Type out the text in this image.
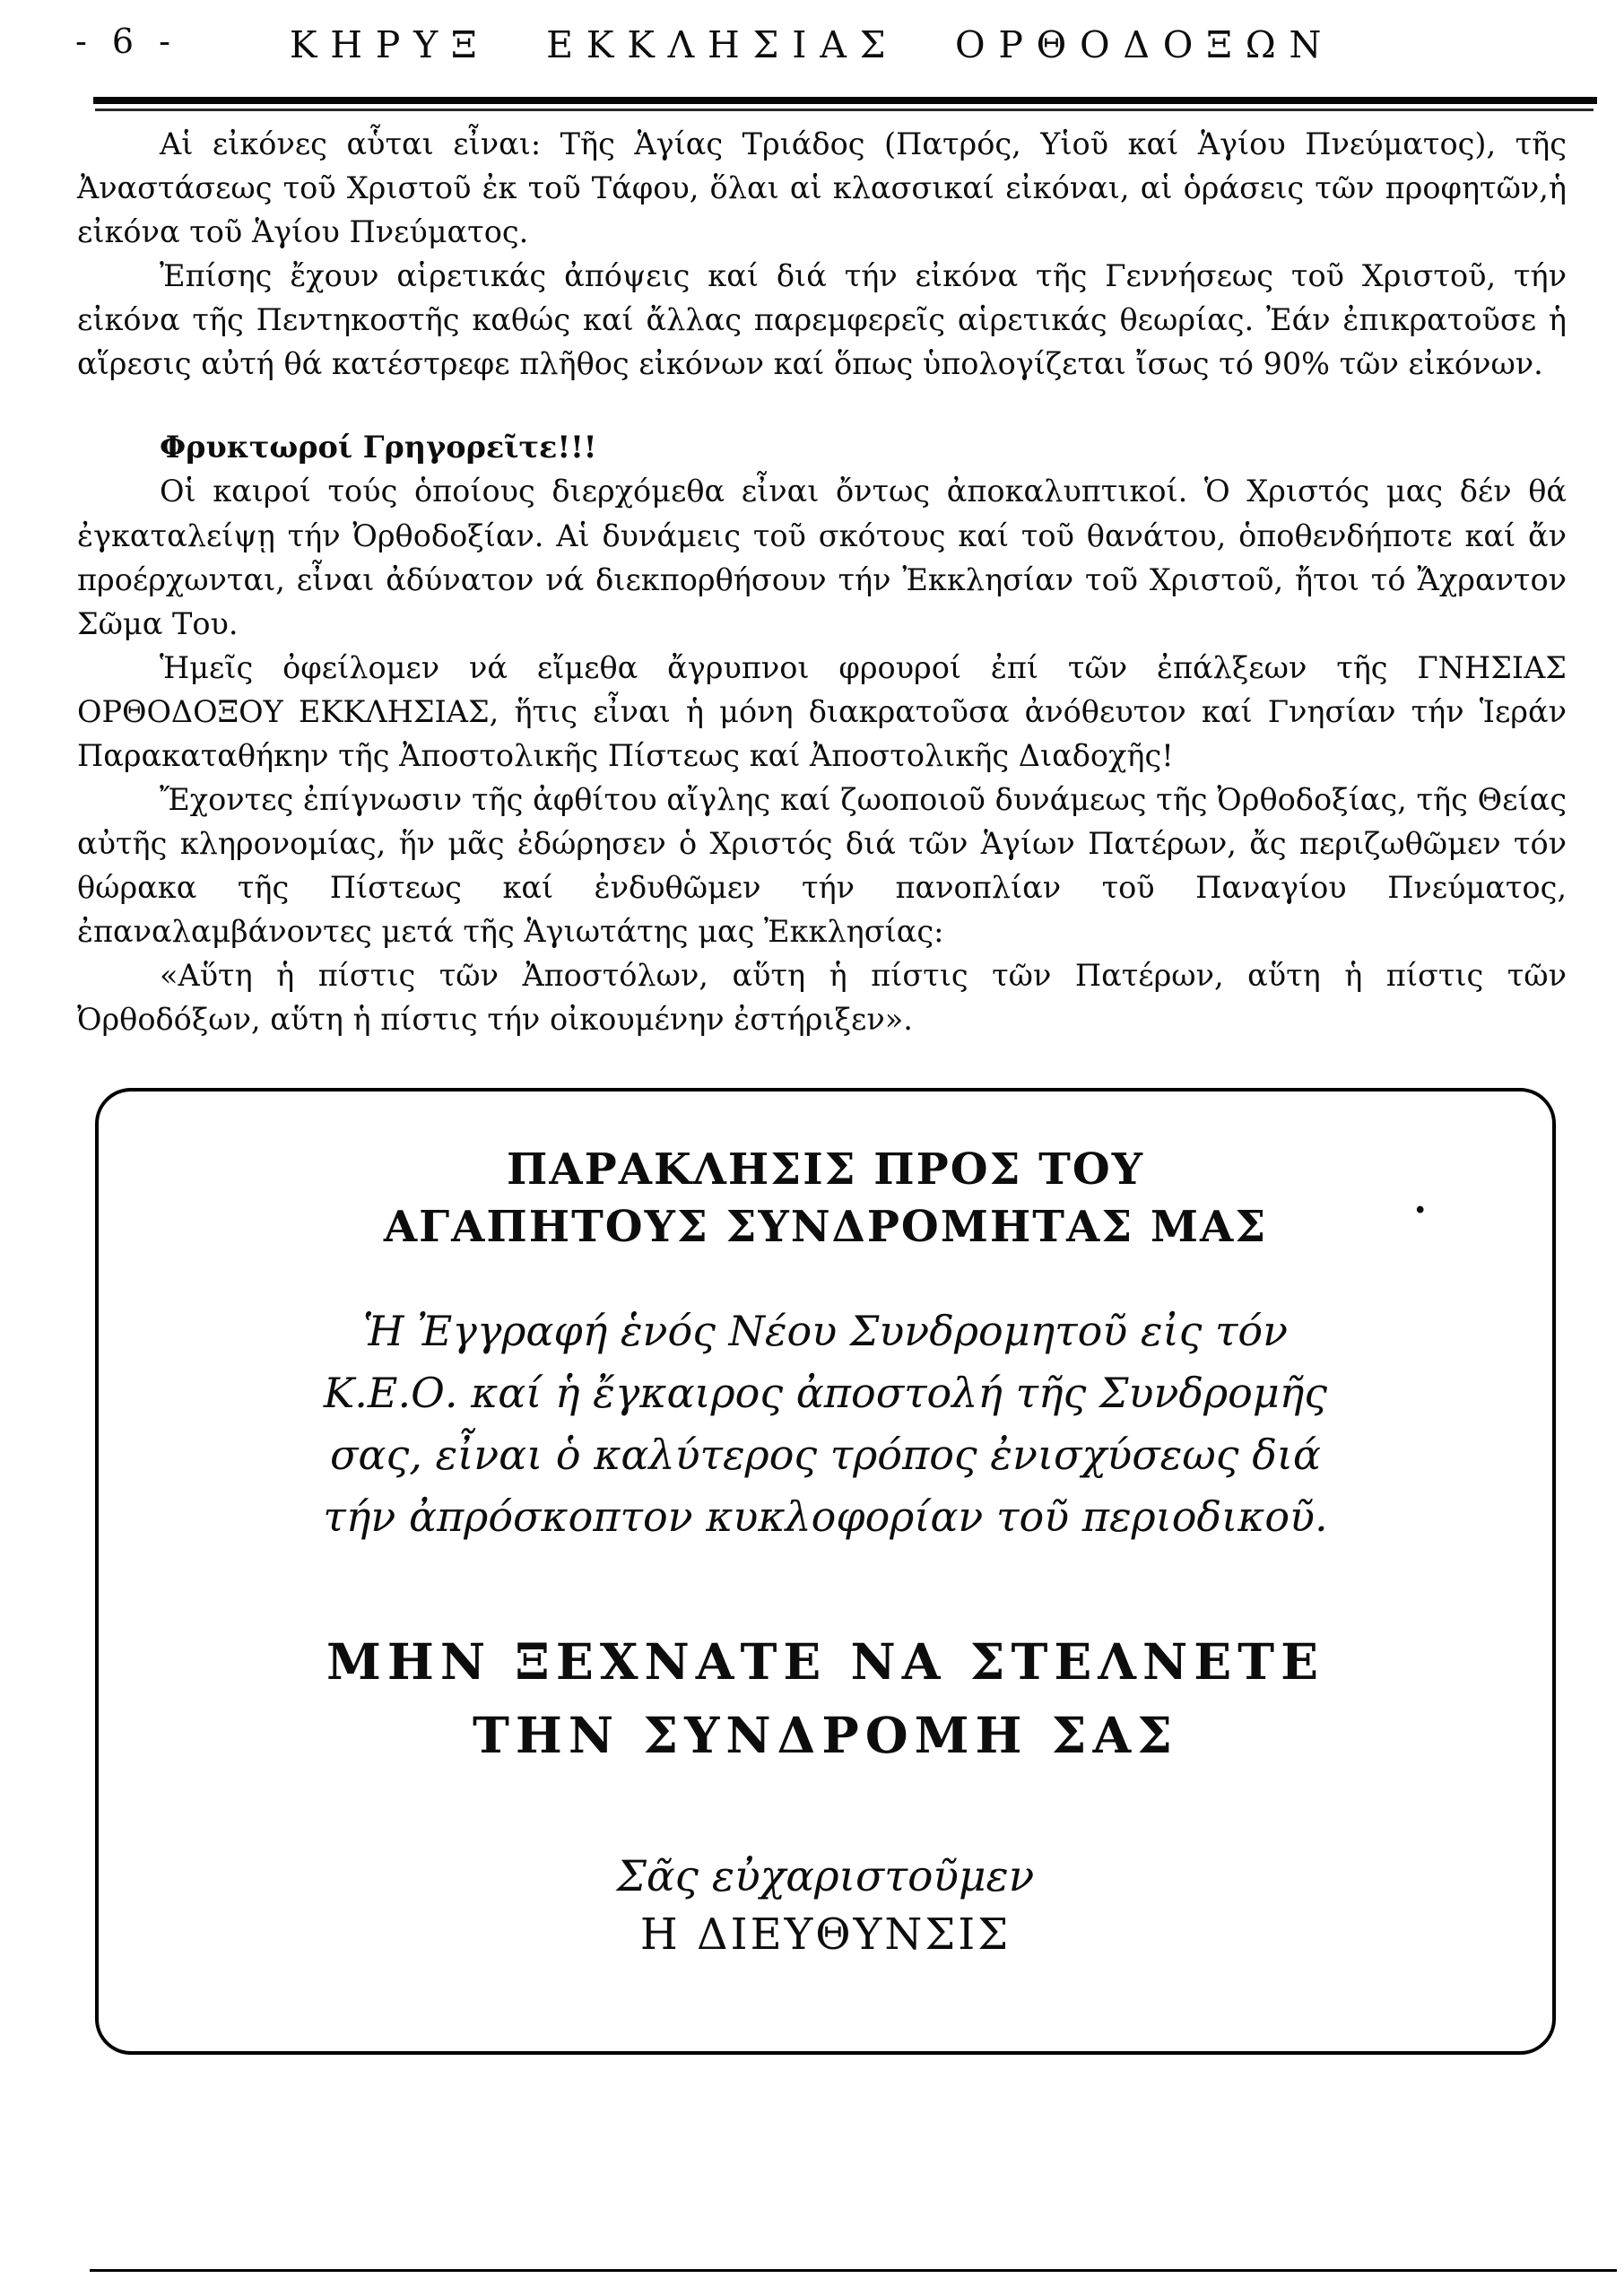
- 6 -	ΚΗΡΥΞ ΕΚΚΛΗΣΙΑΣ ΟΡΘΟΔΟΞΩΝ

Αἱ εἰκόνες αὗται εἶναι: Τῆς Ἁγίας Τριάδος (Πατρός, Υἱοῦ καί Ἁγίου Πνεύματος), τῆς Ἀναστάσεως τοῦ Χριστοῦ ἐκ τοῦ Τάφου, ὅλαι αἱ κλασσικαί εἰκόναι, αἱ ὁράσεις τῶν προφητῶν,ἡ εἰκόνα τοῦ Ἁγίου Πνεύματος.

Ἐπίσης ἔχουν αἱρετικάς ἀπόψεις καί διά τήν εἰκόνα τῆς Γεννήσεως τοῦ Χριστοῦ, τήν εἰκόνα τῆς Πεντηκοστῆς καθώς καί ἄλλας παρεμφερεῖς αἱρετικάς θεωρίας. Ἐάν ἐπικρατοῦσε ἡ αἵρεσις αὐτή θά κατέστρεφε πλῆθος εἰκόνων καί ὅπως ὑπολογίζεται ἴσως τό 90% τῶν εἰκόνων.

Φρυκτωροί Γρηγορεῖτε!!!

Οἱ καιροί τούς ὁποίους διερχόμεθα εἶναι ὄντως ἀποκαλυπτικοί. Ὁ Χριστός μας δέν θά ἐγκαταλείψῃ τήν Ὀρθοδοξίαν. Αἱ δυνάμεις τοῦ σκότους καί τοῦ θανάτου, ὁποθενδήποτε καί ἄν προέρχωνται, εἶναι ἀδύνατον νά διεκπορθήσουν τήν Ἐκκλησίαν τοῦ Χριστοῦ, ἤτοι τό Ἄχραντον Σῶμα Του.

Ἡμεῖς ὀφείλομεν νά εἴμεθα ἄγρυπνοι φρουροί ἐπί τῶν ἐπάλξεων τῆς ΓΝΗΣΙΑΣ ΟΡΘΟΔΟΞΟΥ ΕΚΚΛΗΣΙΑΣ, ἥτις εἶναι ἡ μόνη διακρατοῦσα ἀνόθευτον καί Γνησίαν τήν Ἱεράν Παρακαταθήκην τῆς Ἀποστολικῆς Πίστεως καί Ἀποστολικῆς Διαδοχῆς!

Ἔχοντες ἐπίγνωσιν τῆς ἀφθίτου αἴγλης καί ζωοποιοῦ δυνάμεως τῆς Ὀρθοδοξίας, τῆς Θείας αὐτῆς κληρονομίας, ἥν μᾶς ἐδώρησεν ὁ Χριστός διά τῶν Ἁγίων Πατέρων, ἄς περιζωθῶμεν τόν θώρακα τῆς Πίστεως καί ἐνδυθῶμεν τήν πανοπλίαν τοῦ Παναγίου Πνεύματος, ἐπαναλαμβάνοντες μετά τῆς Ἁγιωτάτης μας Ἐκκλησίας:

«Αὕτη ἡ πίστις τῶν Ἀποστόλων, αὕτη ἡ πίστις τῶν Πατέρων, αὕτη ἡ πίστις τῶν Ὀρθοδόξων, αὕτη ἡ πίστις τήν οἰκουμένην ἐστήριξεν».

ΠΑΡΑΚΛΗΣΙΣ ΠΡΟΣ ΤΟΥ
ΑΓΑΠΗΤΟΥΣ ΣΥΝΔΡΟΜΗΤΑΣ ΜΑΣ
.
Ἡ Ἐγγραφή ἑνός Νέου Συνδρομητοῦ εἰς τόν
Κ.Ε.Ο. καί ἡ ἔγκαιρος ἀποστολή τῆς Συνδρομῆς
σας, εἶναι ὁ καλύτερος τρόπος ἐνισχύσεως διά
τήν ἀπρόσκοπτον κυκλοφορίαν τοῦ περιοδικοῦ.
ΜΗΝ ΞΕΧΝΑΤΕ ΝΑ ΣΤΕΛΝΕΤΕ
ΤΗΝ ΣΥΝΔΡΟΜΗ ΣΑΣ
Σᾶς εὐχαριστοῦμεν
Η ΔΙΕΥΘΥΝΣΙΣ
